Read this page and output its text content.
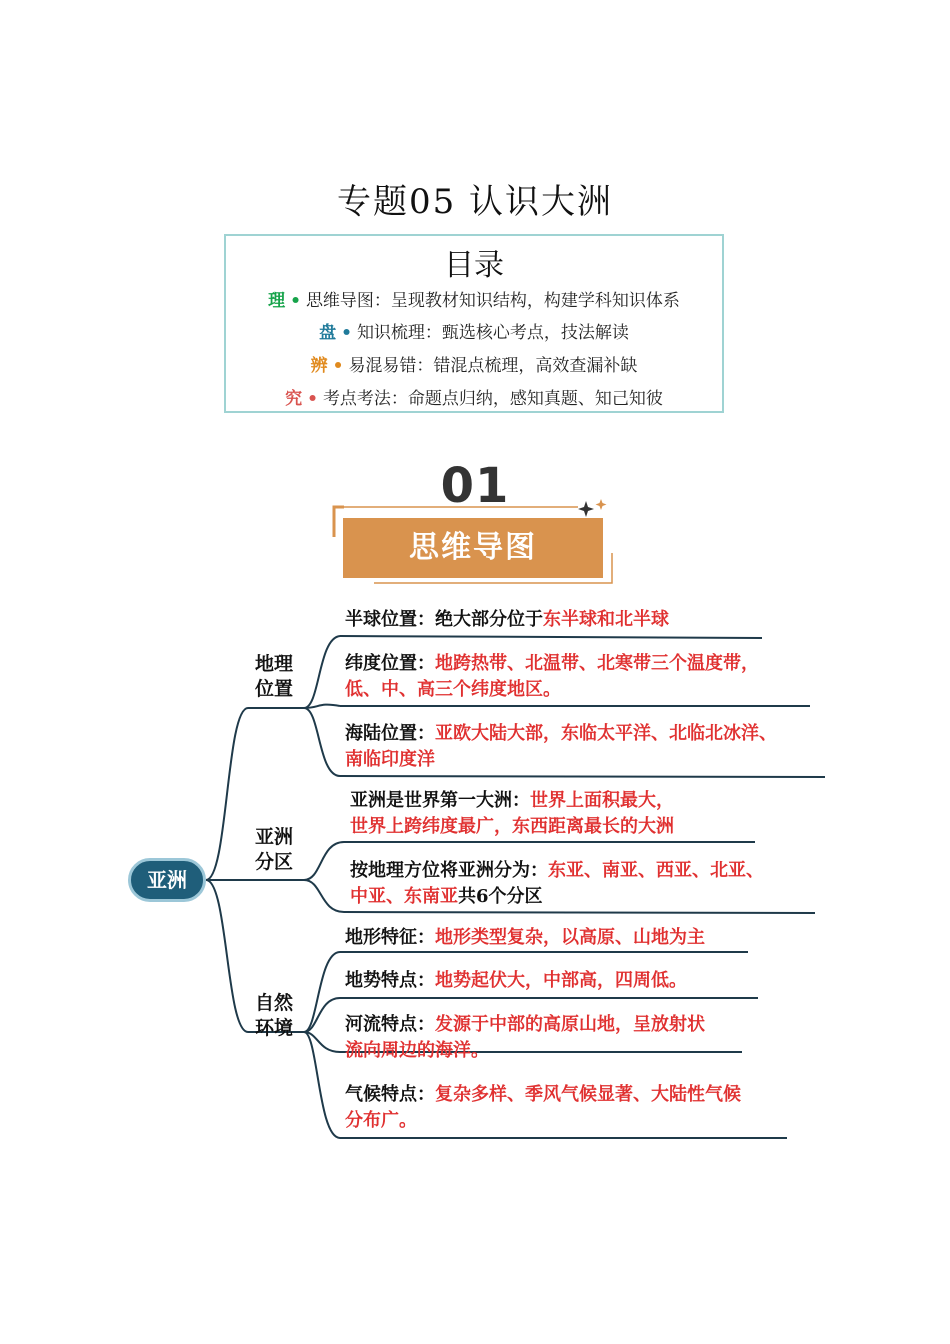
专题05 认识大洲
目录
理 • 思维导图：呈现教材知识结构，构建学科知识体系
盘 • 知识梳理：甄选核心考点，技法解读
辨 • 易混易错：错混点梳理，高效查漏补缺
究 • 考点考法：命题点归纳，感知真题、知己知彼
01
思维导图
亚洲
地理
位置
亚洲
分区
自然
环境
半球位置：绝大部分位于东半球和北半球
纬度位置：地跨热带、北温带、北寒带三个温度带，
低、中、高三个纬度地区。
海陆位置：亚欧大陆大部，东临太平洋、北临北冰洋、
南临印度洋
亚洲是世界第一大洲：世界上面积最大，
世界上跨纬度最广，东西距离最长的大洲
按地理方位将亚洲分为：东亚、南亚、西亚、北亚、
中亚、东南亚共6个分区
地形特征：地形类型复杂，以高原、山地为主
地势特点：地势起伏大，中部高，四周低。
河流特点：发源于中部的高原山地，呈放射状
流向周边的海洋。
气候特点：复杂多样、季风气候显著、大陆性气候
分布广。
